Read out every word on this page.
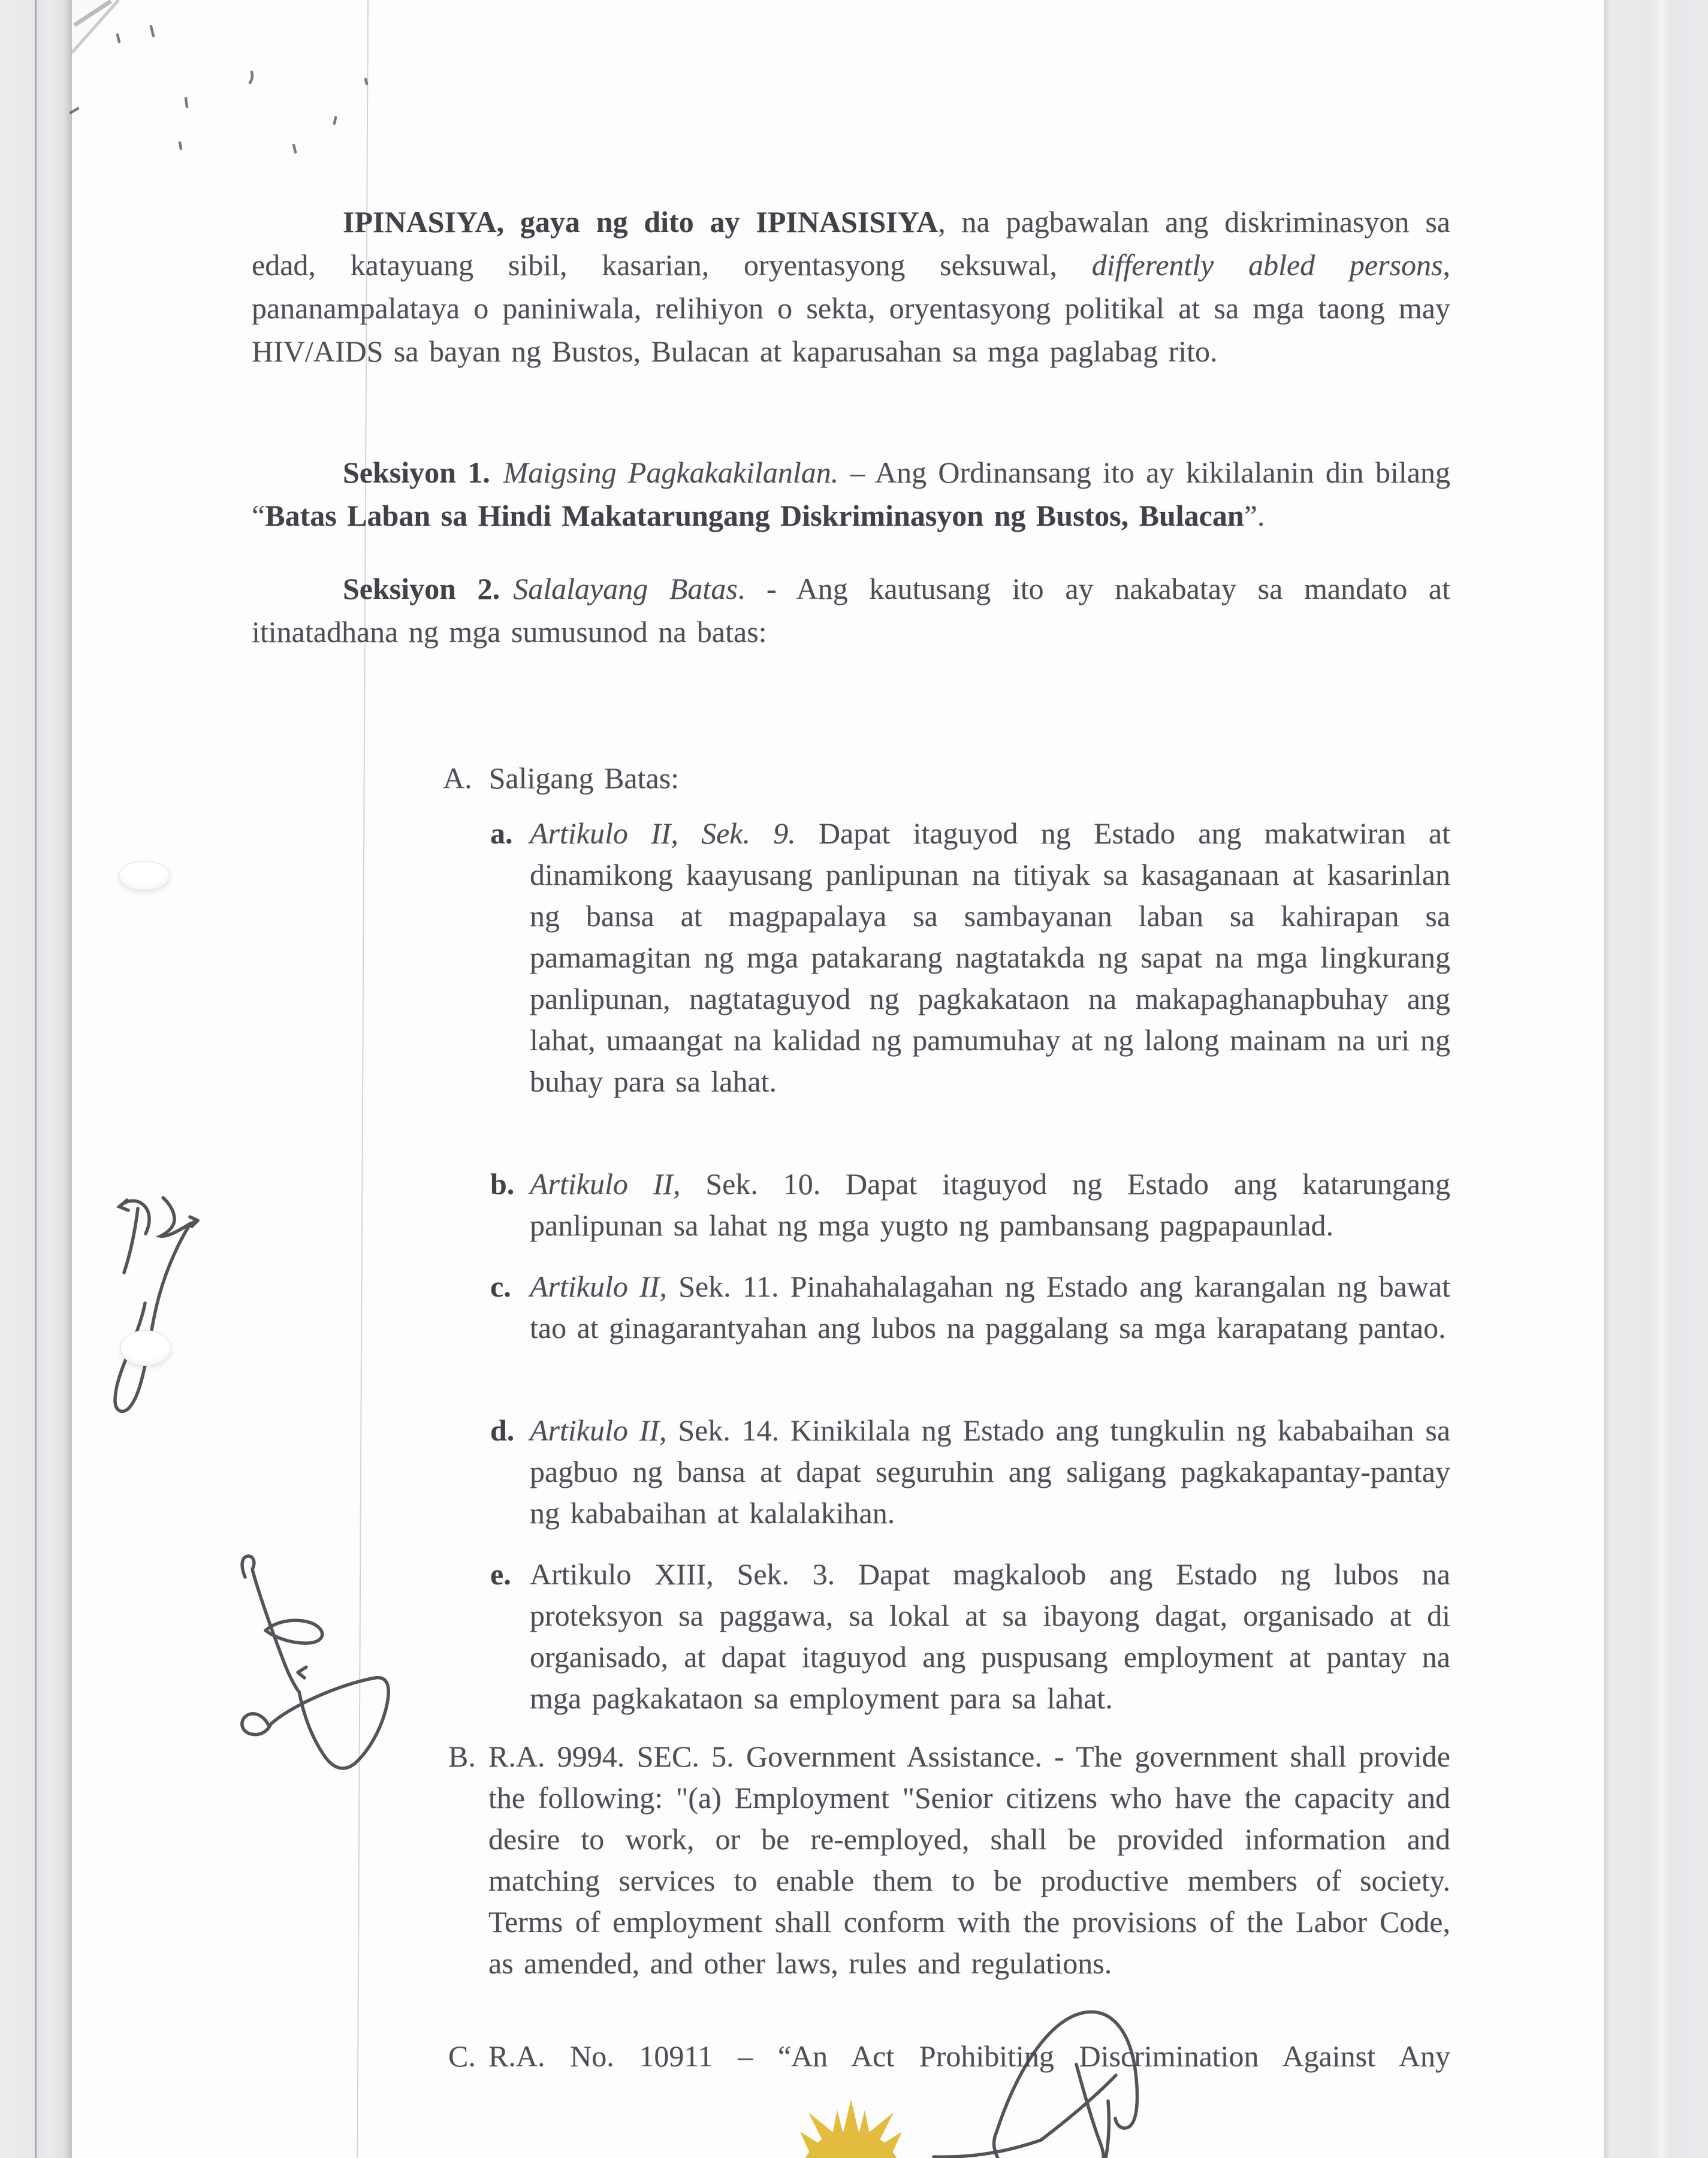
IPINASIYA, gaya ng dito ay IPINASISIYA, na pagbawalan ang diskriminasyon sa edad, katayuang sibil, kasarian, oryentasyong seksuwal, differently abled persons, pananampalataya o paniniwala, relihiyon o sekta, oryentasyong politikal at sa mga taong may HIV/AIDS sa bayan ng Bustos, Bulacan at kaparusahan sa mga paglabag rito.

Seksiyon 1. Maigsing Pagkakakilanlan. – Ang Ordinansang ito ay kikilalanin din bilang “Batas Laban sa Hindi Makatarungang Diskriminasyon ng Bustos, Bulacan”.

Seksiyon 2. Salalayang Batas. - Ang kautusang ito ay nakabatay sa mandato at itinatadhana ng mga sumusunod na batas:

A. Saligang Batas:

a. Artikulo II, Sek. 9. Dapat itaguyod ng Estado ang makatwiran at dinamikong kaayusang panlipunan na titiyak sa kasaganaan at kasarinlan ng bansa at magpapalaya sa sambayanan laban sa kahirapan sa pamamagitan ng mga patakarang nagtatakda ng sapat na mga lingkurang panlipunan, nagtataguyod ng pagkakataon na makapaghanapbuhay ang lahat, umaangat na kalidad ng pamumuhay at ng lalong mainam na uri ng buhay para sa lahat.
b. Artikulo II, Sek. 10. Dapat itaguyod ng Estado ang katarungang panlipunan sa lahat ng mga yugto ng pambansang pagpapaunlad.
c. Artikulo II, Sek. 11. Pinahahalagahan ng Estado ang karangalan ng bawat tao at ginagarantyahan ang lubos na paggalang sa mga karapatang pantao.
d. Artikulo II, Sek. 14. Kinikilala ng Estado ang tungkulin ng kababaihan sa pagbuo ng bansa at dapat seguruhin ang saligang pagkakapantay-pantay ng kababaihan at kalalakihan.
e. Artikulo XIII, Sek. 3. Dapat magkaloob ang Estado ng lubos na proteksyon sa paggawa, sa lokal at sa ibayong dagat, organisado at di organisado, at dapat itaguyod ang puspusang employment at pantay na mga pagkakataon sa employment para sa lahat.
B. R.A. 9994. SEC. 5. Government Assistance. - The government shall provide the following: "(a) Employment "Senior citizens who have the capacity and desire to work, or be re-employed, shall be provided information and matching services to enable them to be productive members of society. Terms of employment shall conform with the provisions of the Labor Code, as amended, and other laws, rules and regulations.
C. R.A. No. 10911 – “An Act Prohibiting Discrimination Against Any
